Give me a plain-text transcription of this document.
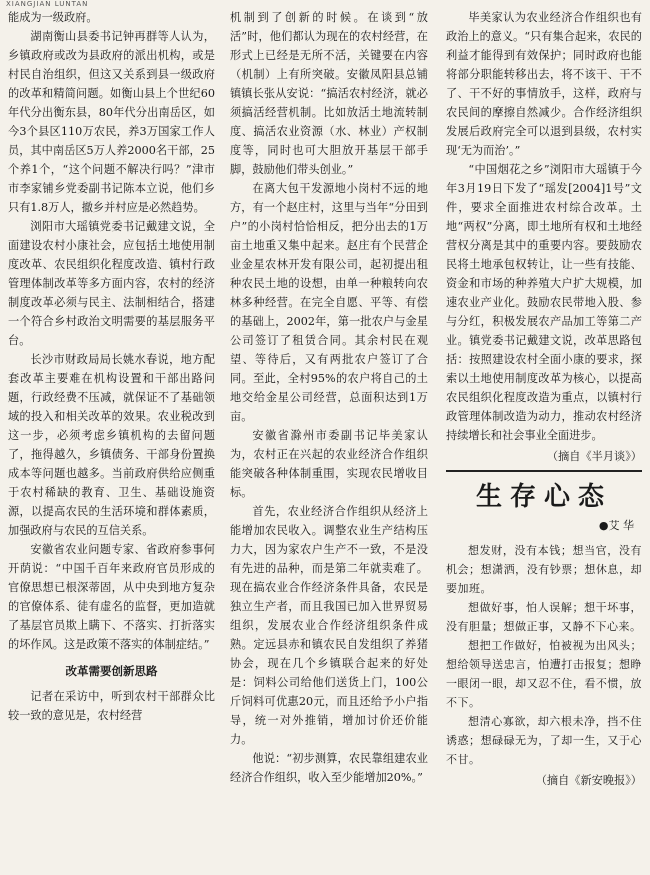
XIANGJIAN LUNTAN

能成为一级政府。

湖南衡山县委书记钟再群等人认为，乡镇政府或改为县政府的派出机构，或是村民自治组织，但这又关系到县一级政府的改革和精简问题。如衡山县上个世纪60年代分出衡东县，80年代分出南岳区，如今3个县区110万农民，养3万国家工作人员，其中南岳区5万人养2000名干部，25个养1个，“这个问题不解决行吗？”津市市李家铺乡党委副书记陈本立说，他们乡只有1.8万人，撤乡并村应是必然趋势。

浏阳市大瑶镇党委书记戴建文说，全面建设农村小康社会，应包括土地使用制度改革、农民组织化程度改造、镇村行政管理体制改革等多方面内容，农村的经济制度改革必须与民主、法制相结合，搭建一个符合乡村政治文明需要的基层服务平台。

长沙市财政局局长姚水春说，地方配套改革主要难在机构设置和干部出路问题，行政经费不压减，就保证不了基础领域的投入和相关改革的效果。农业税改到这一步，必须考虑乡镇机构的去留问题了，拖得越久，乡镇债务、干部身份置换成本等问题也越多。当前政府供给应侧重于农村稀缺的教育、卫生、基础设施资源，以提高农民的生活环境和群体素质，加强政府与农民的互信关系。

安徽省农业问题专家、省政府参事何开荫说：“中国千百年来政府官员形成的官僚思想已根深蒂固，从中央到地方复杂的官僚体系、徒有虚名的监督，更加造就了基层官员欺上瞒下、不落实、打折落实的坏作风。这是政策不落实的体制症结。”

改革需要创新思路

记者在采访中，听到农村干部群众比较一致的意见是，农村经营

机制到了创新的时候。在谈到“放活”时，他们都认为现在的农村经营，在形式上已经是无所不活，关键要在内容（机制）上有所突破。安徽凤阳县总铺镇镇长张从安说：“搞活农村经济，就必须搞活经营机制。比如放活土地流转制度、搞活农业资源（水、林业）产权制度等，同时也可大胆放开基层干部手脚，鼓励他们带头创业。”

在离大包干发源地小岗村不远的地方，有一个赵庄村，这里与当年“分田到户”的小岗村恰恰相反，把分出去的1万亩土地重又集中起来。赵庄有个民营企业金星农林开发有限公司，起初提出租种农民土地的设想，由单一种粮转向农林多种经营。在完全自愿、平等、有偿的基础上，2002年，第一批农户与金星公司签订了租赁合同。其余村民在观望、等待后，又有两批农户签订了合同。至此，全村95%的农户将自己的土地交给金星公司经营，总面积达到1万亩。

安徽省滁州市委副书记毕美家认为，农村正在兴起的农业经济合作组织能突破各种体制重围，实现农民增收目标。

首先，农业经济合作组织从经济上能增加农民收入。调整农业生产结构压力大，因为家农户生产不一致，不是没有先进的品种，而是第二年就卖难了。现在搞农业合作经济条件具备，农民是独立生产者，而且我国已加入世界贸易组织，发展农业合作经济组织条件成熟。定远县赤和镇农民自发组织了养猪协会，现在几个乡镇联合起来的好处是：饲料公司给他们送货上门，100公斤饲料可优惠20元，而且还给予小户指导，统一对外推销，增加讨价还价能力。

他说：“初步测算，农民靠组建农业经济合作组织，收入至少能增加20%。”

毕美家认为农业经济合作组织也有政治上的意义。“只有集合起来，农民的利益才能得到有效保护；同时政府也能将部分职能转移出去，将不该干、干不了、干不好的事情放手，这样，政府与农民间的摩擦自然减少。合作经济组织发展后政府完全可以退到县级，农村实现‘无为而治’。”

“中国烟花之乡”浏阳市大瑶镇于今年3月19日下发了“瑶发[2004]1号”文件，要求全面推进农村综合改革。土地“两权”分离，即土地所有权和土地经营权分离是其中的重要内容。要鼓励农民将土地承包权转让，让一些有技能、资金和市场的种养殖大户扩大规模，加速农业产业化。鼓励农民带地入股、参与分红，积极发展农产品加工等第二产业。镇党委书记戴建文说，改革思路包括：按照建设农村全面小康的要求，探索以土地使用制度改革为核心，以提高农民组织化程度改造为重点，以镇村行政管理体制改造为动力，推动农村经济持续增长和社会事业全面进步。

（摘自《半月谈》）
生存心态
●艾 华

想发财，没有本钱；想当官，没有机会；想潇洒，没有钞票；想休息，却要加班。

想做好事，怕人误解；想干坏事，没有胆量；想做正事，又静不下心来。

想把工作做好，怕被视为出风头；想给领导送忠言，怕遭打击报复；想睁一眼闭一眼，却又忍不住，看不惯，放不下。

想清心寡欲，却六根未净，挡不住诱惑；想碌碌无为，了却一生，又于心不甘。

（摘自《新安晚报》）
